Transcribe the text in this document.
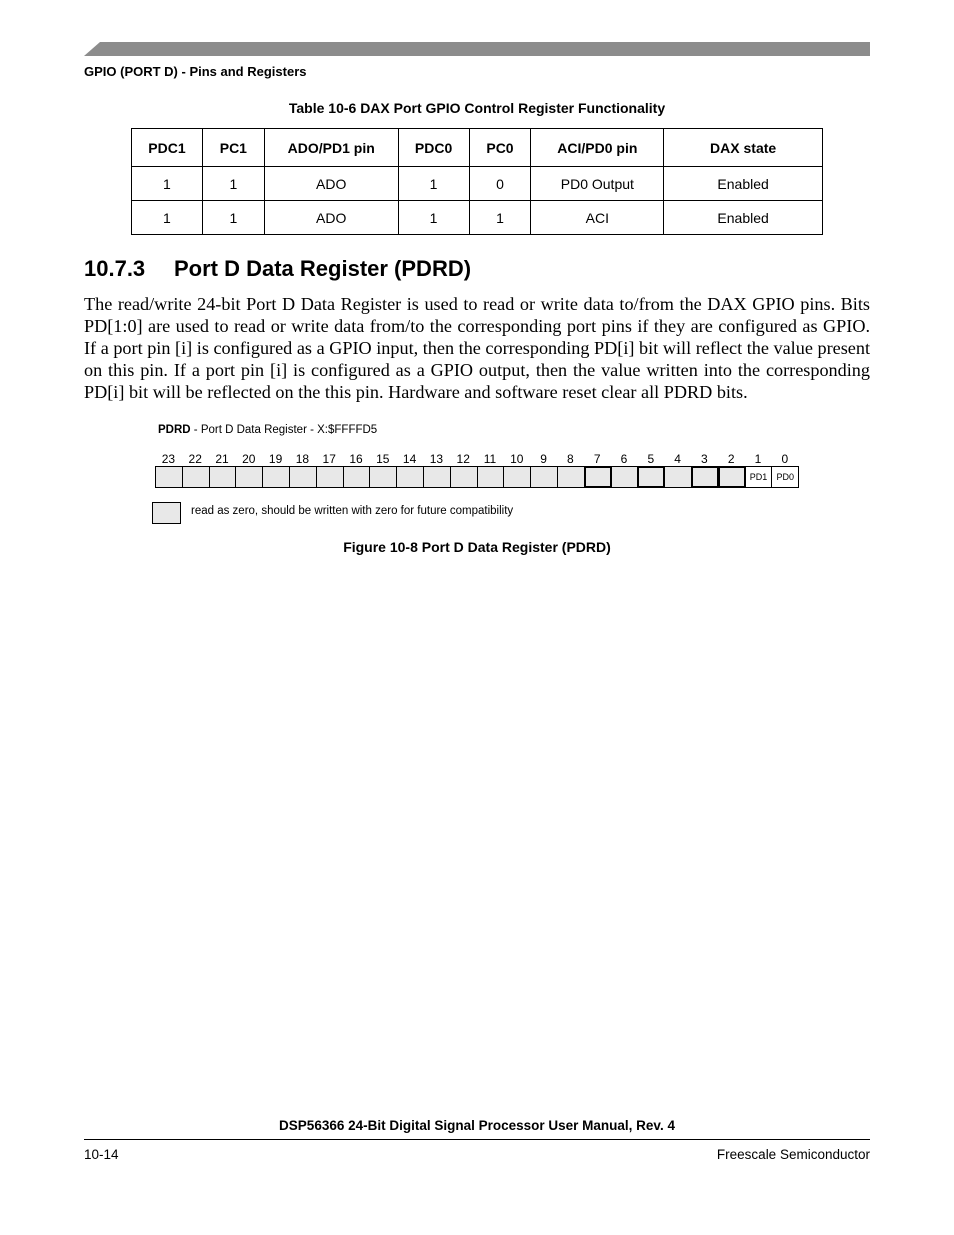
GPIO (PORT D) - Pins and Registers
Table 10-6 DAX Port GPIO Control Register Functionality
PDC1	PC1	ADO/PD1 pin	PDC0	PC0	ACI/PD0 pin	DAX state
1	1	ADO	1	0	PD0 Output	Enabled
1	1	ADO	1	1	ACI	Enabled
10.7.3 Port D Data Register (PDRD)

The read/write 24-bit Port D Data Register is used to read or write data to/from the DAX GPIO pins. Bits PD[1:0] are used to read or write data from/to the corresponding port pins if they are configured as GPIO. If a port pin [i] is configured as a GPIO input, then the corresponding PD[i] bit will reflect the value present on this pin. If a port pin [i] is configured as a GPIO output, then the value written into the corresponding PD[i] bit will be reflected on the this pin. Hardware and software reset clear all PDRD bits.

PDRD - Port D Data Register - X:$FFFFD5
23	22	21	20	19	18	17	16	15	14	13	12	11	10	9	8	7	6	5	4	3	2	1
PD1
0
PD0
read as zero, should be written with zero for future compatibility
Figure 10-8 Port D Data Register (PDRD)
DSP56366 24-Bit Digital Signal Processor User Manual, Rev. 4
10-14	Freescale Semiconductor
